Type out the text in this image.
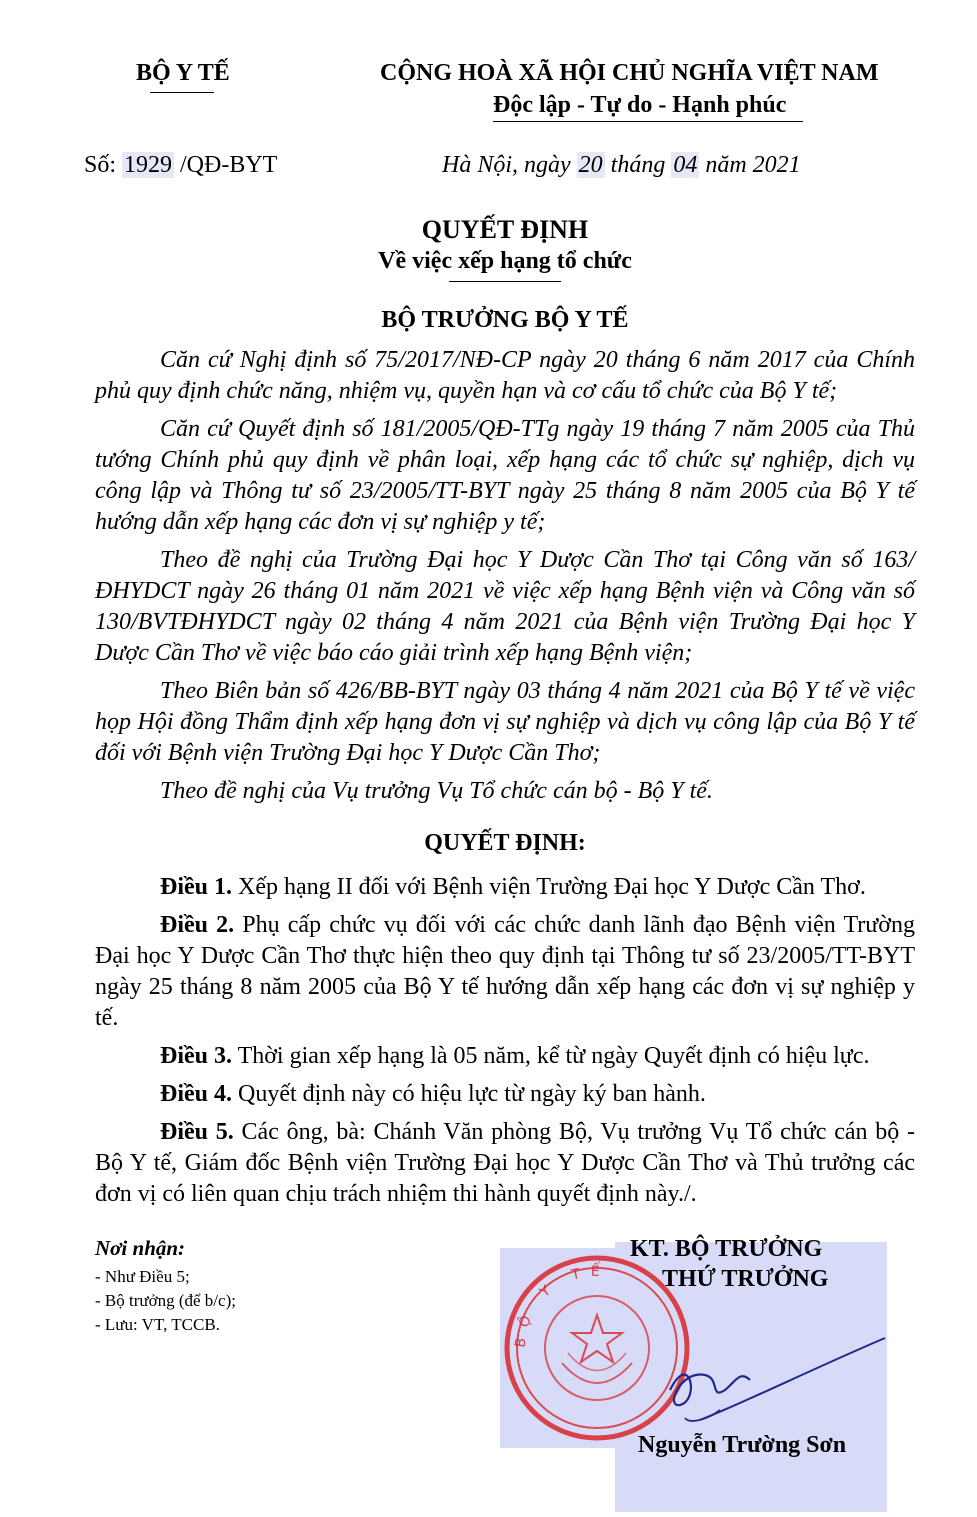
BỘ Y TẾ	CỘNG HOÀ XÃ HỘI CHỦ NGHĨA VIỆT NAM
Độc lập - Tự do - Hạnh phúc
Số: 1929 /QĐ-BYT	Hà Nội, ngày 20 tháng 04 năm 2021
QUYẾT ĐỊNH
Về việc xếp hạng tổ chức
BỘ TRƯỞNG BỘ Y TẾ

Căn cứ Nghị định số 75/2017/NĐ-CP ngày 20 tháng 6 năm 2017 của Chính phủ quy định chức năng, nhiệm vụ, quyền hạn và cơ cấu tổ chức của Bộ Y tế;

Căn cứ Quyết định số 181/2005/QĐ-TTg ngày 19 tháng 7 năm 2005 của Thủ tướng Chính phủ quy định về phân loại, xếp hạng các tổ chức sự nghiệp, dịch vụ công lập và Thông tư số 23/2005/TT-BYT ngày 25 tháng 8 năm 2005 của Bộ Y tế hướng dẫn xếp hạng các đơn vị sự nghiệp y tế;

Theo đề nghị của Trường Đại học Y Dược Cần Thơ tại Công văn số 163/ĐHYDCT ngày 26 tháng 01 năm 2021 về việc xếp hạng Bệnh viện và Công văn số 130/BVTĐHYDCT ngày 02 tháng 4 năm 2021 của Bệnh viện Trường Đại học Y Dược Cần Thơ về việc báo cáo giải trình xếp hạng Bệnh viện;

Theo Biên bản số 426/BB-BYT ngày 03 tháng 4 năm 2021 của Bộ Y tế về việc họp Hội đồng Thẩm định xếp hạng đơn vị sự nghiệp và dịch vụ công lập của Bộ Y tế đối với Bệnh viện Trường Đại học Y Dược Cần Thơ;

Theo đề nghị của Vụ trưởng Vụ Tổ chức cán bộ - Bộ Y tế.

QUYẾT ĐỊNH:

Điều 1. Xếp hạng II đối với Bệnh viện Trường Đại học Y Dược Cần Thơ.

Điều 2. Phụ cấp chức vụ đối với các chức danh lãnh đạo Bệnh viện Trường Đại học Y Dược Cần Thơ thực hiện theo quy định tại Thông tư số 23/2005/TT-BYT ngày 25 tháng 8 năm 2005 của Bộ Y tế hướng dẫn xếp hạng các đơn vị sự nghiệp y tế.

Điều 3. Thời gian xếp hạng là 05 năm, kể từ ngày Quyết định có hiệu lực.

Điều 4. Quyết định này có hiệu lực từ ngày ký ban hành.

Điều 5. Các ông, bà: Chánh Văn phòng Bộ, Vụ trưởng Vụ Tổ chức cán bộ - Bộ Y tế, Giám đốc Bệnh viện Trường Đại học Y Dược Cần Thơ và Thủ trưởng các đơn vị có liên quan chịu trách nhiệm thi hành quyết định này./.

Nơi nhận:
- Như Điều 5;
- Bộ trưởng (để b/c);
- Lưu: VT, TCCB.
KT. BỘ TRƯỞNG
THỨ TRƯỞNG
BỘ Y TẾ
Nguyễn Trường Sơn
